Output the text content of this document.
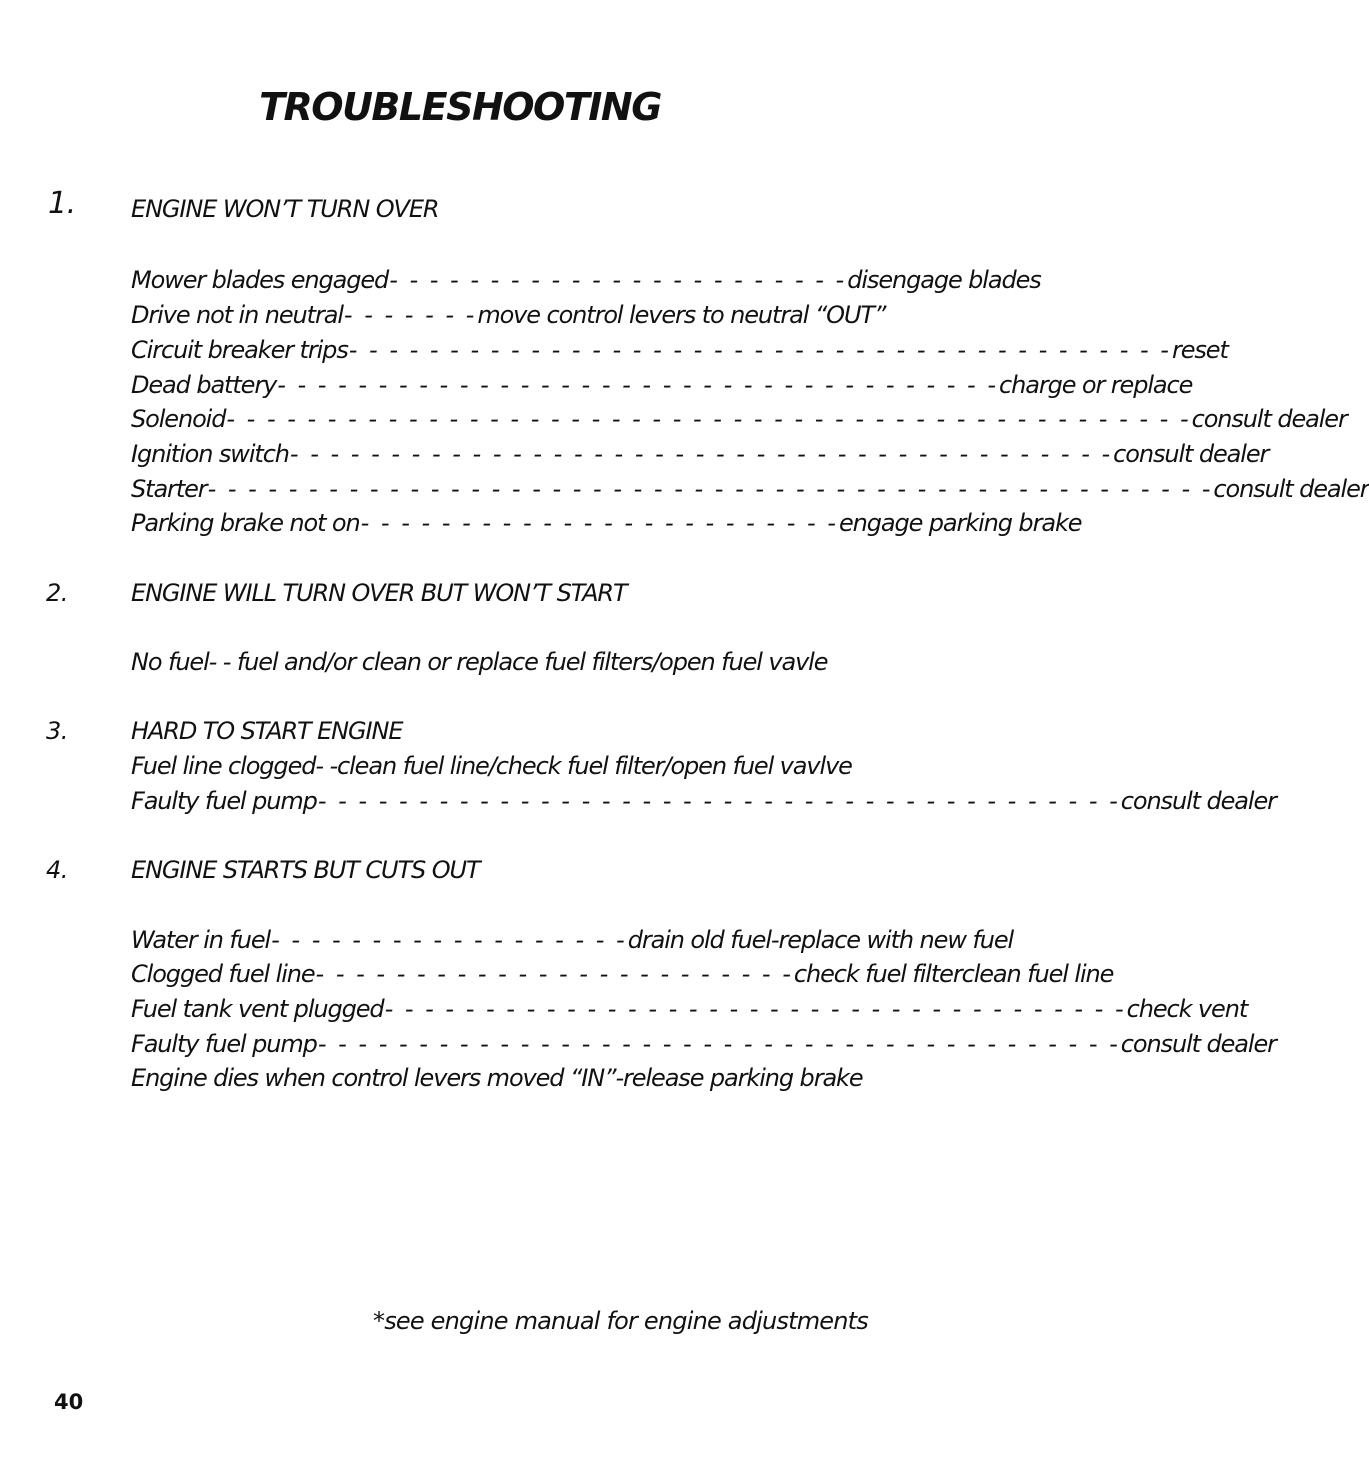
TROUBLESHOOTING
1. ENGINE WON’T TURN OVER
Mower blades engaged - - - - - - - - - - - - - - - - - - - - - - - disengage blades
Drive not in neutral - - - - - - - move control levers to neutral “OUT”
Circuit breaker trips - - - - - - - - - - - - - - - - - - - - - - - - - - - - - - - - - - - - - - - - - reset
Dead battery - - - - - - - - - - - - - - - - - - - - - - - - - - - - - - - - - - - - charge or replace
Solenoid - - - - - - - - - - - - - - - - - - - - - - - - - - - - - - - - - - - - - - - - - - - - - - - - consult dealer
Ignition switch - - - - - - - - - - - - - - - - - - - - - - - - - - - - - - - - - - - - - - - - - consult dealer
Starter - - - - - - - - - - - - - - - - - - - - - - - - - - - - - - - - - - - - - - - - - - - - - - - - - - consult dealer
Parking brake not on - - - - - - - - - - - - - - - - - - - - - - - - engage parking brake
2.	ENGINE WILL TURN OVER BUT WON’T START
No fuel- - fuel and/or clean or replace fuel filters/open fuel vavle
3.	HARD TO START ENGINE
Fuel line clogged- -clean fuel line/check fuel filter/open fuel vavlve
Faulty fuel pump - - - - - - - - - - - - - - - - - - - - - - - - - - - - - - - - - - - - - - - - consult dealer
4.	ENGINE STARTS BUT CUTS OUT
Water in fuel - - - - - - - - - - - - - - - - - - drain old fuel-replace with new fuel
Clogged fuel line - - - - - - - - - - - - - - - - - - - - - - - - check fuel filterclean fuel line
Fuel tank vent plugged - - - - - - - - - - - - - - - - - - - - - - - - - - - - - - - - - - - - - check vent
Faulty fuel pump - - - - - - - - - - - - - - - - - - - - - - - - - - - - - - - - - - - - - - - - consult dealer
Engine dies when control levers moved “IN”-release parking brake
*see engine manual for engine adjustments
40
